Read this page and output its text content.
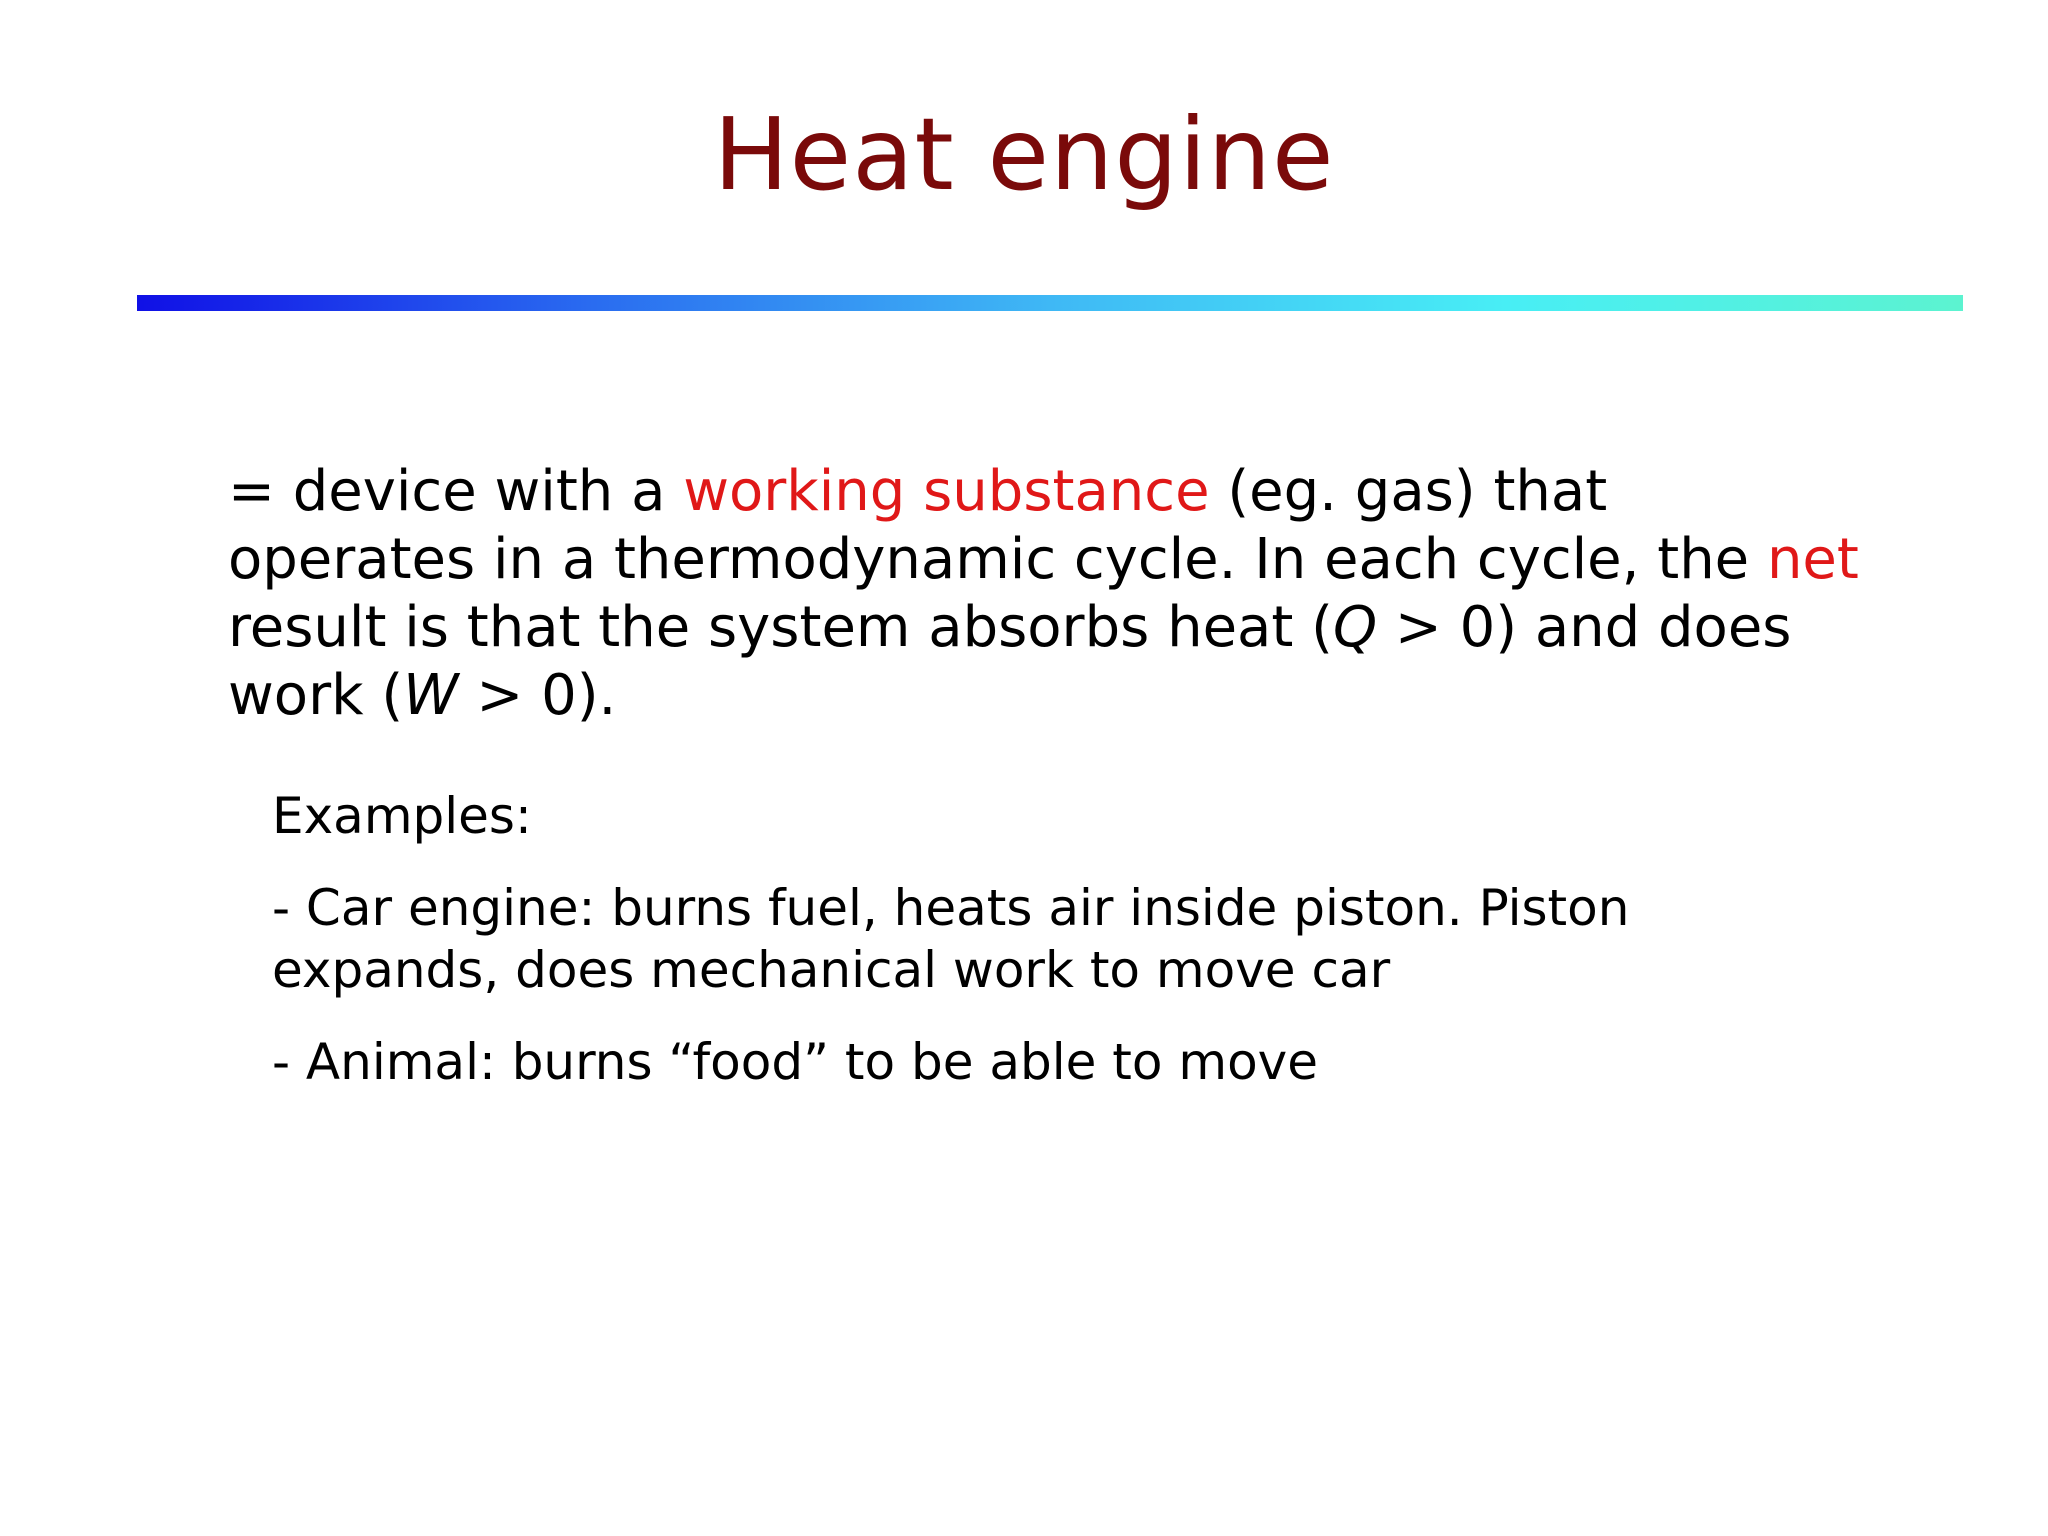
Heat engine
= device with a working substance (eg. gas) that operates in a thermodynamic cycle. In each cycle, the net result is that the system absorbs heat (Q > 0) and does work (W > 0).
Examples:
- Car engine: burns fuel, heats air inside piston. Piston expands, does mechanical work to move car
- Animal: burns “food” to be able to move
